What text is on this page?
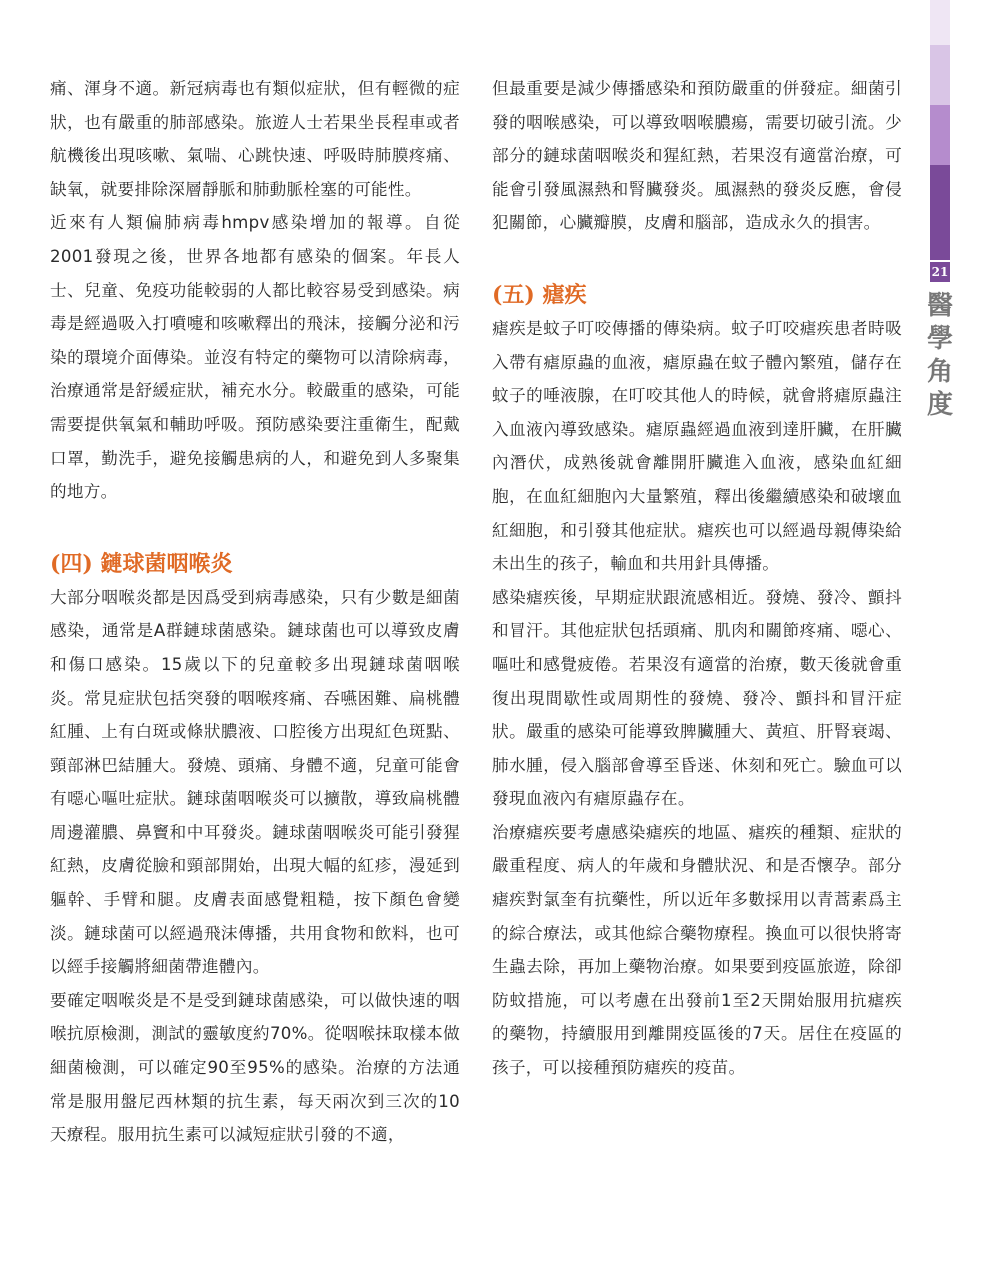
痛、渾身不適。新冠病毒也有類似症狀，但有輕微的症狀，也有嚴重的肺部感染。旅遊人士若果坐長程車或者航機後出現咳嗽、氣喘、心跳快速、呼吸時肺膜疼痛、缺氧，就要排除深層靜脈和肺動脈栓塞的可能性。

近來有人類偏肺病毒hmpv感染增加的報導。自從2001發現之後，世界各地都有感染的個案。年長人士、兒童、免疫功能較弱的人都比較容易受到感染。病毒是經過吸入打噴嚏和咳嗽釋出的飛沫，接觸分泌和污染的環境介面傳染。並沒有特定的藥物可以清除病毒，治療通常是舒緩症狀，補充水分。較嚴重的感染，可能需要提供氧氣和輔助呼吸。預防感染要注重衛生，配戴口罩，勤洗手，避免接觸患病的人，和避免到人多聚集的地方。

(四) 鏈球菌咽喉炎

大部分咽喉炎都是因爲受到病毒感染，只有少數是細菌感染，通常是A群鏈球菌感染。鏈球菌也可以導致皮膚和傷口感染。15歲以下的兒童較多出現鏈球菌咽喉炎。常見症狀包括突發的咽喉疼痛、吞嚥困難、扁桃體紅腫、上有白斑或條狀膿液、口腔後方出現紅色斑點、頸部淋巴結腫大。發燒、頭痛、身體不適，兒童可能會有噁心嘔吐症狀。鏈球菌咽喉炎可以擴散，導致扁桃體周邊灌膿、鼻竇和中耳發炎。鏈球菌咽喉炎可能引發猩紅熱，皮膚從臉和頸部開始，出現大幅的紅疹，漫延到軀幹、手臂和腿。皮膚表面感覺粗糙，按下顏色會變淡。鏈球菌可以經過飛沫傳播，共用食物和飲料，也可以經手接觸將細菌帶進體內。

要確定咽喉炎是不是受到鏈球菌感染，可以做快速的咽喉抗原檢測，測試的靈敏度約70%。從咽喉抹取樣本做細菌檢測，可以確定90至95%的感染。治療的方法通常是服用盤尼西林類的抗生素，每天兩次到三次的10天療程。服用抗生素可以減短症狀引發的不適，

但最重要是減少傳播感染和預防嚴重的併發症。細菌引發的咽喉感染，可以導致咽喉膿瘍，需要切破引流。少部分的鏈球菌咽喉炎和猩紅熱，若果沒有適當治療，可能會引發風濕熱和腎臟發炎。風濕熱的發炎反應，會侵犯關節，心臟瓣膜，皮膚和腦部，造成永久的損害。

(五) 瘧疾

瘧疾是蚊子叮咬傳播的傳染病。蚊子叮咬瘧疾患者時吸入帶有瘧原蟲的血液，瘧原蟲在蚊子體內繁殖，儲存在蚊子的唾液腺，在叮咬其他人的時候，就會將瘧原蟲注入血液內導致感染。瘧原蟲經過血液到達肝臟，在肝臟內潛伏，成熟後就會離開肝臟進入血液，感染血紅細胞，在血紅細胞內大量繁殖，釋出後繼續感染和破壞血紅細胞，和引發其他症狀。瘧疾也可以經過母親傳染給未出生的孩子，輸血和共用針具傳播。

感染瘧疾後，早期症狀跟流感相近。發燒、發冷、顫抖和冒汗。其他症狀包括頭痛、肌肉和關節疼痛、噁心、嘔吐和感覺疲倦。若果沒有適當的治療，數天後就會重復出現間歇性或周期性的發燒、發冷、顫抖和冒汗症狀。嚴重的感染可能導致脾臟腫大、黃疸、肝腎衰竭、肺水腫，侵入腦部會導至昏迷、休刻和死亡。驗血可以發現血液內有瘧原蟲存在。

治療瘧疾要考慮感染瘧疾的地區、瘧疾的種類、症狀的嚴重程度、病人的年歲和身體狀況、和是否懷孕。部分瘧疾對氯奎有抗藥性，所以近年多數採用以青蒿素爲主的綜合療法，或其他綜合藥物療程。換血可以很快將寄生蟲去除，再加上藥物治療。如果要到疫區旅遊，除卻防蚊措施，可以考慮在出發前1至2天開始服用抗瘧疾的藥物，持續服用到離開疫區後的7天。居住在疫區的孩子，可以接種預防瘧疾的疫苗。

21
醫學角度
